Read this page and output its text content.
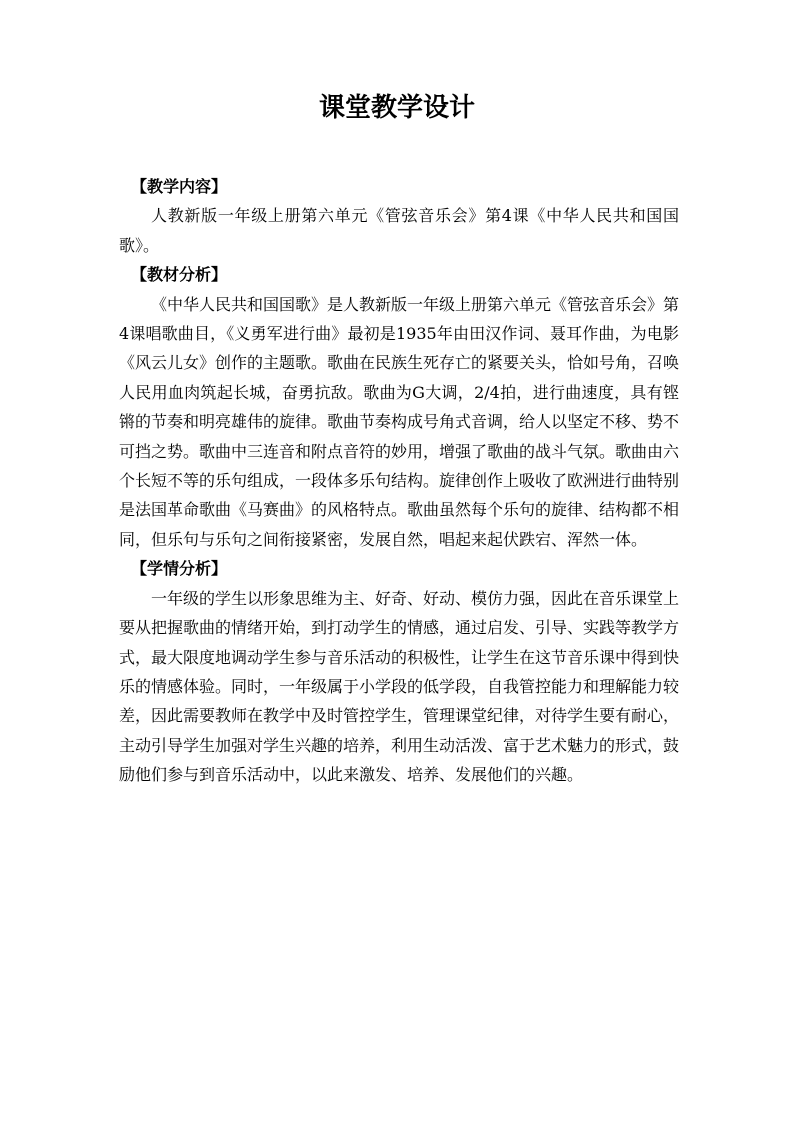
课堂教学设计

【教学内容】

人教新版一年级上册第六单元《管弦音乐会》第4课《中华人民共和国国歌》。

【教材分析】

《中华人民共和国国歌》是人教新版一年级上册第六单元《管弦音乐会》第4课唱歌曲目，《义勇军进行曲》最初是1935年由田汉作词、聂耳作曲，为电影《风云儿女》创作的主题歌。歌曲在民族生死存亡的紧要关头，恰如号角，召唤人民用血肉筑起长城，奋勇抗敌。歌曲为G大调，2/4拍，进行曲速度，具有铿锵的节奏和明亮雄伟的旋律。歌曲节奏构成号角式音调，给人以坚定不移、势不可挡之势。歌曲中三连音和附点音符的妙用，增强了歌曲的战斗气氛。歌曲由六个长短不等的乐句组成，一段体多乐句结构。旋律创作上吸收了欧洲进行曲特别是法国革命歌曲《马赛曲》的风格特点。歌曲虽然每个乐句的旋律、结构都不相同，但乐句与乐句之间衔接紧密，发展自然，唱起来起伏跌宕、浑然一体。

【学情分析】

一年级的学生以形象思维为主、好奇、好动、模仿力强，因此在音乐课堂上要从把握歌曲的情绪开始，到打动学生的情感，通过启发、引导、实践等教学方式，最大限度地调动学生参与音乐活动的积极性，让学生在这节音乐课中得到快乐的情感体验。同时，一年级属于小学段的低学段，自我管控能力和理解能力较差，因此需要教师在教学中及时管控学生，管理课堂纪律，对待学生要有耐心，主动引导学生加强对学生兴趣的培养，利用生动活泼、富于艺术魅力的形式，鼓励他们参与到音乐活动中，以此来激发、培养、发展他们的兴趣。
